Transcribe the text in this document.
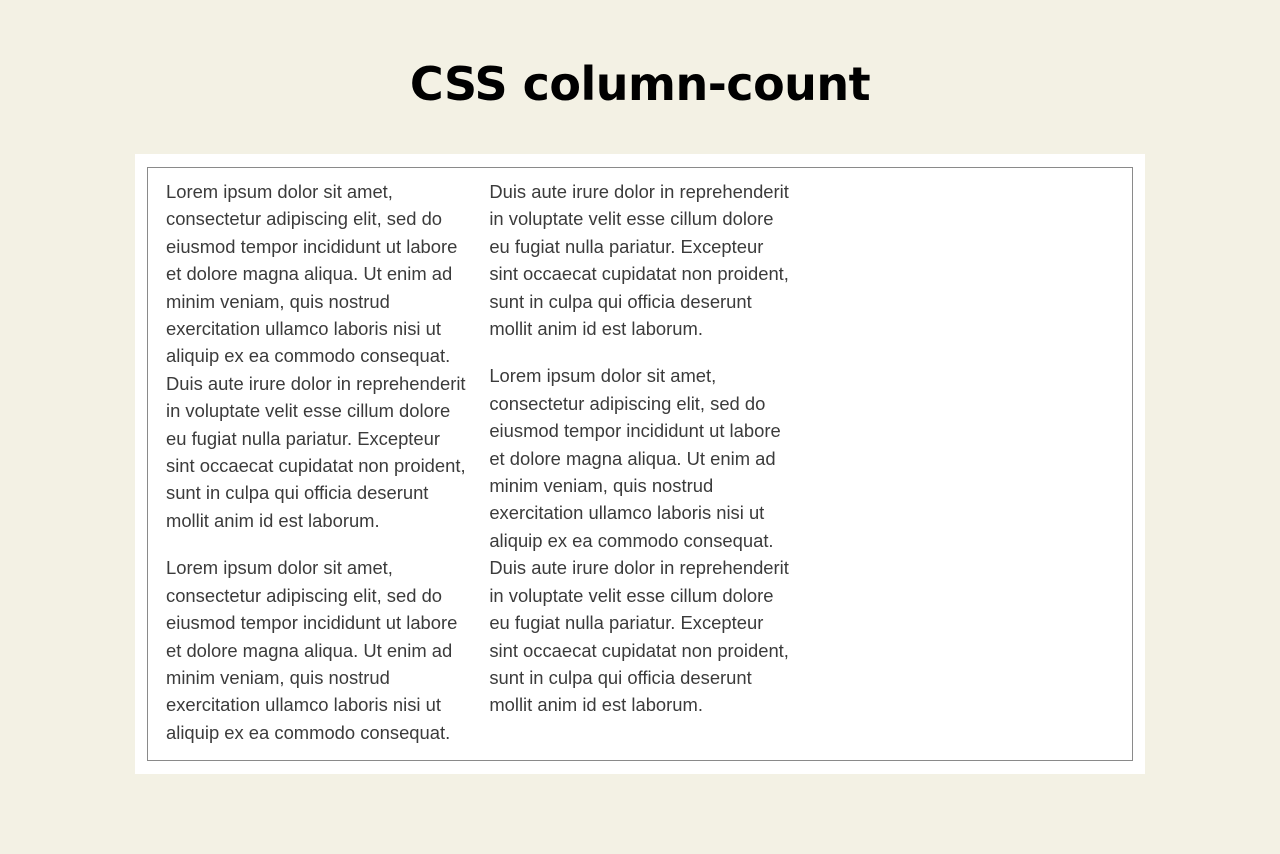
CSS column-count

Lorem ipsum dolor sit amet, consectetur adipiscing elit, sed do eiusmod tempor incididunt ut labore et dolore magna aliqua. Ut enim ad minim veniam, quis nostrud exercitation ullamco laboris nisi ut aliquip ex ea commodo consequat. Duis aute irure dolor in reprehenderit in voluptate velit esse cillum dolore eu fugiat nulla pariatur. Excepteur sint occaecat cupidatat non proident, sunt in culpa qui officia deserunt mollit anim id est laborum.

Lorem ipsum dolor sit amet, consectetur adipiscing elit, sed do eiusmod tempor incididunt ut labore et dolore magna aliqua. Ut enim ad minim veniam, quis nostrud exercitation ullamco laboris nisi ut aliquip ex ea commodo consequat. Duis aute irure dolor in reprehenderit in voluptate velit esse cillum dolore eu fugiat nulla pariatur. Excepteur sint occaecat cupidatat non proident, sunt in culpa qui officia deserunt mollit anim id est laborum.

Lorem ipsum dolor sit amet, consectetur adipiscing elit, sed do eiusmod tempor incididunt ut labore et dolore magna aliqua. Ut enim ad minim veniam, quis nostrud exercitation ullamco laboris nisi ut aliquip ex ea commodo consequat. Duis aute irure dolor in reprehenderit in voluptate velit esse cillum dolore eu fugiat nulla pariatur. Excepteur sint occaecat cupidatat non proident, sunt in culpa qui officia deserunt mollit anim id est laborum.
